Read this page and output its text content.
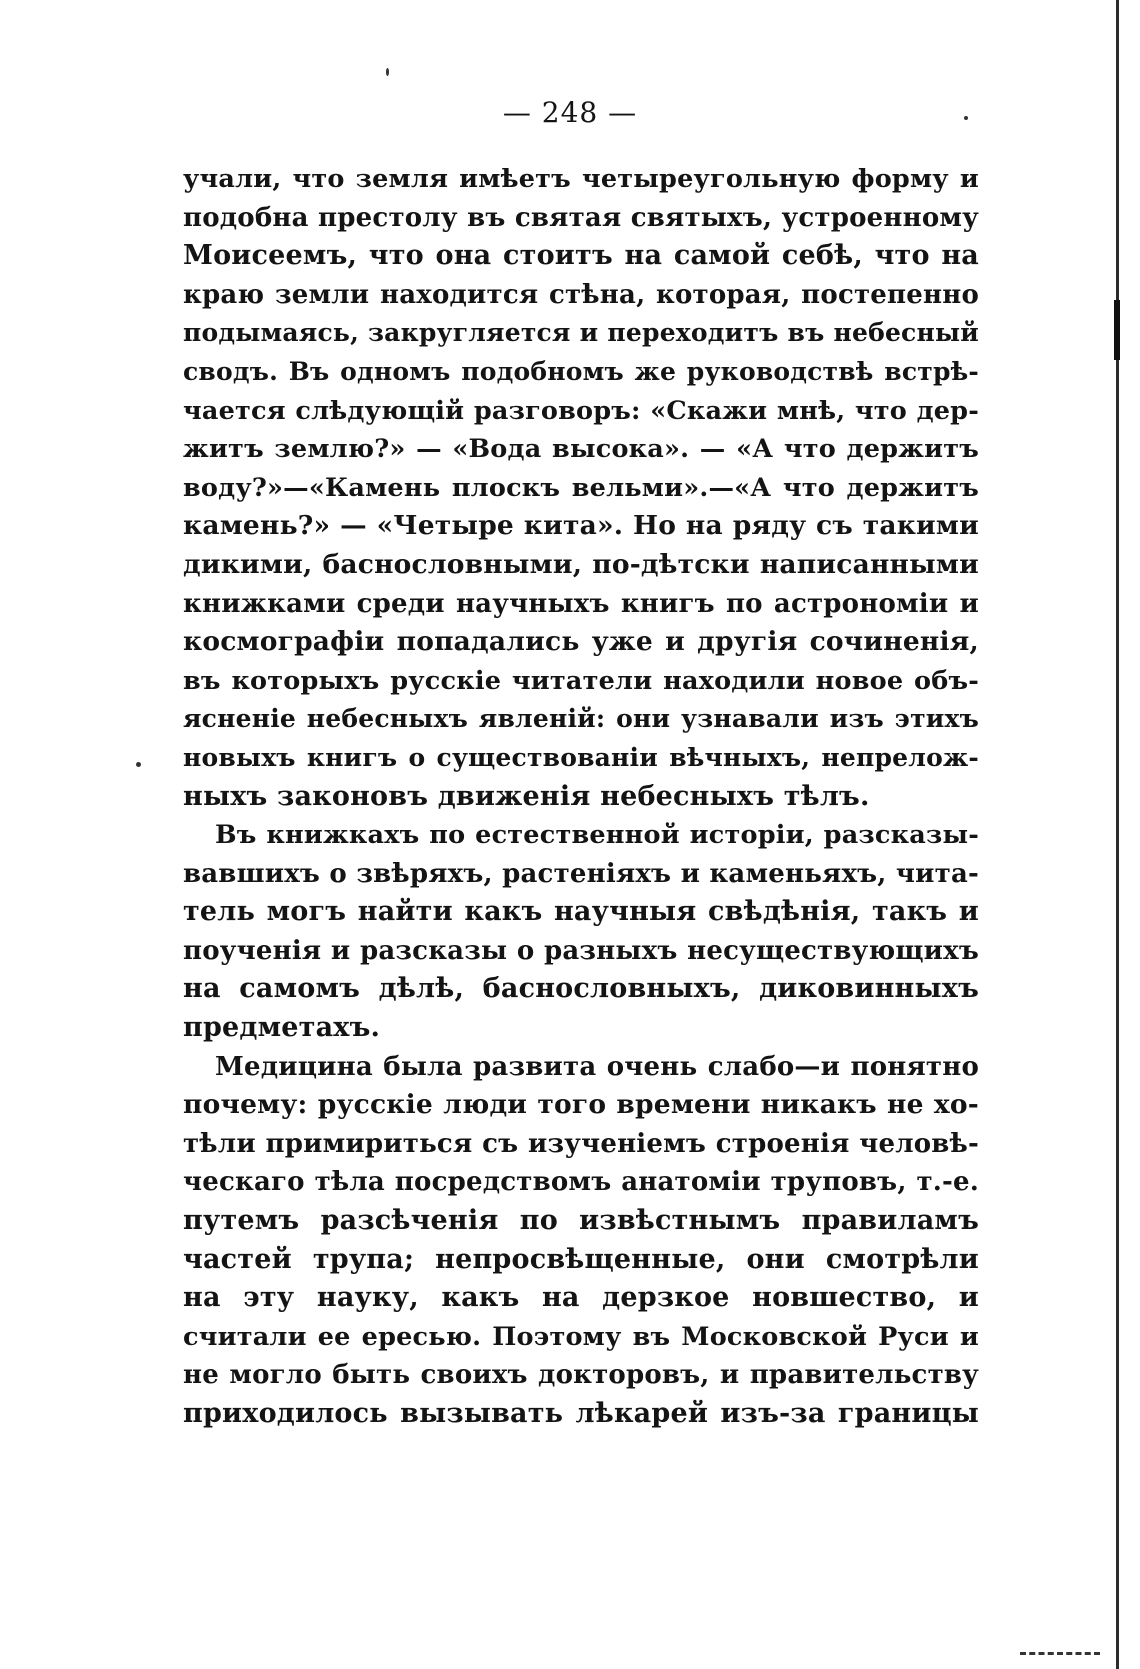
— 248 —
учали, что земля имѣетъ четыреугольную форму и
подобна престолу въ святая святыхъ, устроенному
Моисеемъ, что она стоитъ на самой себѣ, что на
краю земли находится стѣна, которая, постепенно
подымаясь, закругляется и переходитъ въ небесный
сводъ. Въ одномъ подобномъ же руководствѣ встрѣ-
чается слѣдующій разговоръ: «Скажи мнѣ, что дер-
житъ землю?» — «Вода высока». — «А что держитъ
воду?»—«Камень плоскъ вельми».—«А что держитъ
камень?» — «Четыре кита». Но на ряду съ такими
дикими, баснословными, по-дѣтски написанными
книжками среди научныхъ книгъ по астрономіи и
космографіи попадались уже и другія сочиненія,
въ которыхъ русскіе читатели находили новое объ-
ясненіе небесныхъ явленій: они узнавали изъ этихъ
новыхъ книгъ о существованіи вѣчныхъ, непрелож-
ныхъ законовъ движенія небесныхъ тѣлъ.
Въ книжкахъ по естественной исторіи, разсказы-
вавшихъ о звѣряхъ, растеніяхъ и каменьяхъ, чита-
тель могъ найти какъ научныя свѣдѣнія, такъ и
поученія и разсказы о разныхъ несуществующихъ
на самомъ дѣлѣ, баснословныхъ, диковинныхъ
предметахъ.
Медицина была развита очень слабо—и понятно
почему: русскіе люди того времени никакъ не хо-
тѣли примириться съ изученіемъ строенія человѣ-
ческаго тѣла посредствомъ анатоміи труповъ, т.-е.
путемъ разсѣченія по извѣстнымъ правиламъ
частей трупа; непросвѣщенные, они смотрѣли
на эту науку, какъ на дерзкое новшество, и
считали ее ересью. Поэтому въ Московской Руси и
не могло быть своихъ докторовъ, и правительству
приходилось вызывать лѣкарей изъ-за границы
